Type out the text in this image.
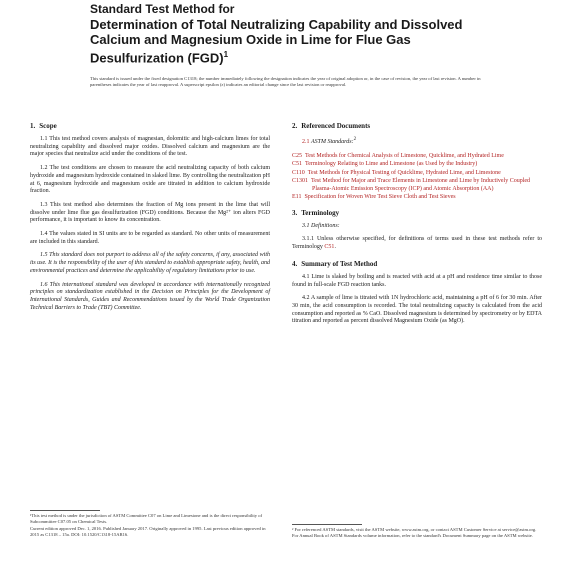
Standard Test Method for
Determination of Total Neutralizing Capability and Dissolved Calcium and Magnesium Oxide in Lime for Flue Gas Desulfurization (FGD)$^1$
This standard is issued under the fixed designation C1318; the number immediately following the designation indicates the year of original adoption or, in the case of revision, the year of last revision. A number in parentheses indicates the year of last reapproval. A superscript epsilon (ε) indicates an editorial change since the last revision or reapproval.
1. Scope

1.1 This test method covers analysis of magnesian, dolomitic and high-calcium limes for total neutralizing capability and dissolved major oxides. Dissolved calcium and magnesium are the major species that neutralize acid under the conditions of the test.

1.2 The test conditions are chosen to measure the acid neutralizing capacity of both calcium hydroxide and magnesium hydroxide contained in slaked lime. By controlling the neutralization pH at 6, magnesium hydroxide and magnesium oxide are titrated in addition to calcium hydroxide fraction.

1.3 This test method also determines the fraction of Mg ions present in the lime that will dissolve under lime flue gas desulfurization (FGD) conditions. Because the Mg²⁺ ion alters FGD performance, it is important to know its concentration.

1.4 The values stated in SI units are to be regarded as standard. No other units of measurement are included in this standard.

1.5 This standard does not purport to address all of the safety concerns, if any, associated with its use. It is the responsibility of the user of this standard to establish appropriate safety, health, and environmental practices and determine the applicability of regulatory limitations prior to use.

1.6 This international standard was developed in accordance with internationally recognized principles on standardization established in the Decision on Principles for the Development of International Standards, Guides and Recommendations issued by the World Trade Organization Technical Barriers to Trade (TBT) Committee.

¹This test method is under the jurisdiction of ASTM Committee C07 on Lime and Limestone and is the direct responsibility of Subcommittee C07.05 on Chemical Tests.
Current edition approved Dec. 1, 2016. Published January 2017. Originally approved in 1995. Last previous edition approved in 2015 as C1318 – 15a. DOI: 10.1520/C1318-15AR16.
2. Referenced Documents

2.1 ASTM Standards:$^2$

C25 Test Methods for Chemical Analysis of Limestone, Quicklime, and Hydrated Lime
C51 Terminology Relating to Lime and Limestone (as Used by the Industry)
C110 Test Methods for Physical Testing of Quicklime, Hydrated Lime, and Limestone
C1301 Test Method for Major and Trace Elements in Limestone and Lime by Inductively Coupled Plasma-Atomic Emission Spectroscopy (ICP) and Atomic Absorption (AA)
E11 Specification for Woven Wire Test Sieve Cloth and Test Sieves
3. Terminology

3.1 Definitions:

3.1.1 Unless otherwise specified, for definitions of terms used in these test methods refer to Terminology C51.

4. Summary of Test Method

4.1 Lime is slaked by boiling and is reacted with acid at a pH and residence time similar to those found in full-scale FGD reaction tanks.

4.2 A sample of lime is titrated with 1N hydrochloric acid, maintaining a pH of 6 for 30 min. After 30 min, the acid consumption is recorded. The total neutralizing capacity is calculated from the acid consumption and reported as % CaO. Dissolved magnesium is determined by spectrometry or by EDTA titration and reported as percent dissolved Magnesium Oxide (as MgO).

² For referenced ASTM standards, visit the ASTM website, www.astm.org, or contact ASTM Customer Service at service@astm.org. For Annual Book of ASTM Standards volume information, refer to the standard's Document Summary page on the ASTM website.
